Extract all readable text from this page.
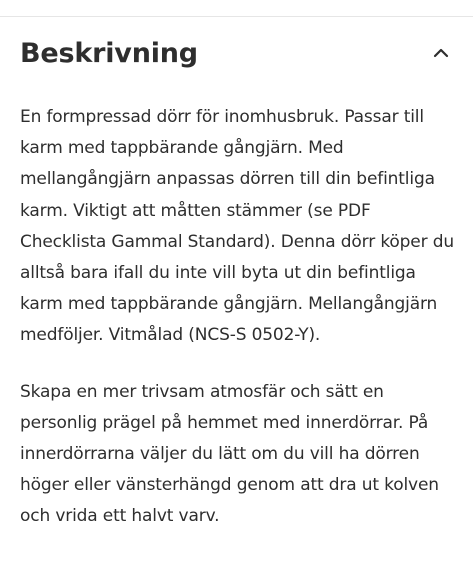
Beskrivning

En formpressad dörr för inomhusbruk. Passar till karm med tappbärande gångjärn. Med mellangångjärn anpassas dörren till din befintliga karm. Viktigt att måtten stämmer (se PDF Checklista Gammal Standard). Denna dörr köper du alltså bara ifall du inte vill byta ut din befintliga karm med tappbärande gångjärn. Mellangångjärn medföljer. Vitmålad (NCS-S 0502-Y).

Skapa en mer trivsam atmosfär och sätt en personlig prägel på hemmet med innerdörrar. På innerdörrarna väljer du lätt om du vill ha dörren höger eller vänsterhängd genom att dra ut kolven och vrida ett halvt varv.
